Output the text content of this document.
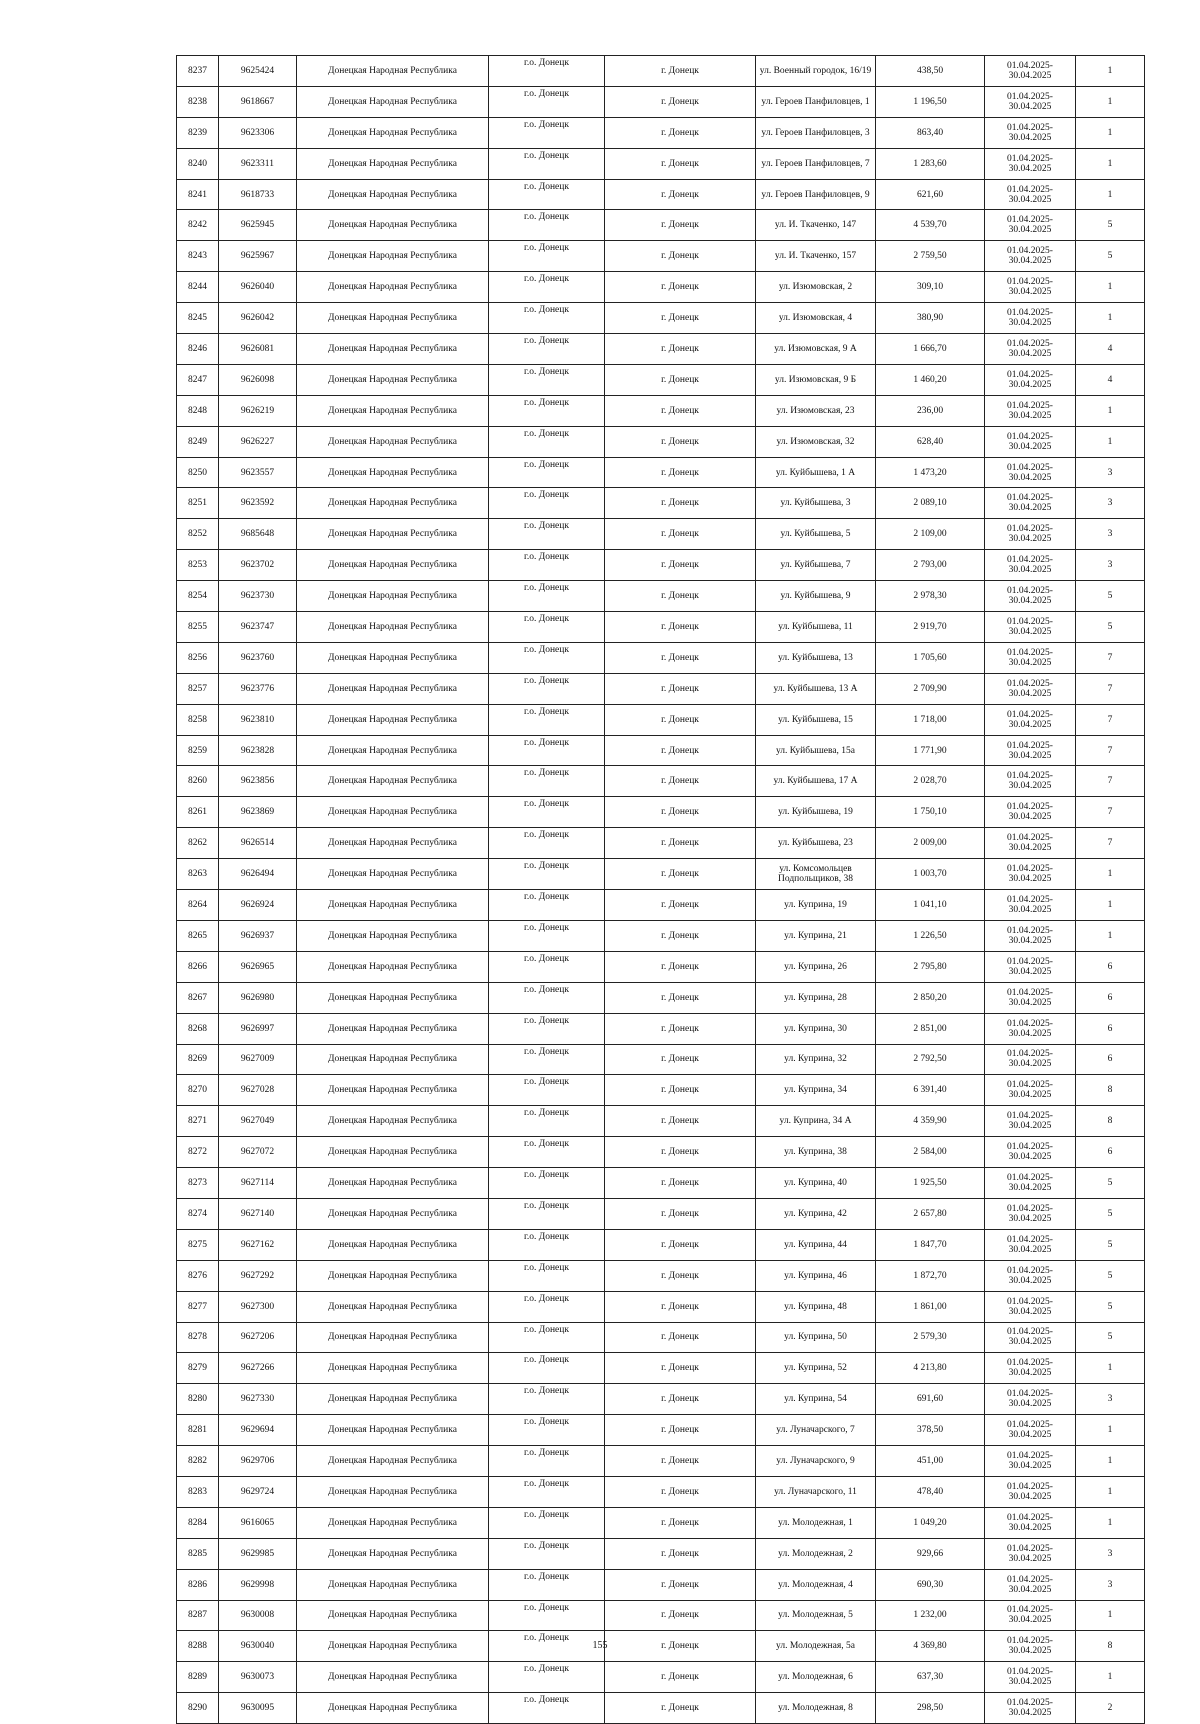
8237	9625424	Донецкая Народная Республика	г.о. Донецк	г. Донецк	ул. Военный городок, 16/19	438,50	01.04.2025-30.04.2025	1
8238	9618667	Донецкая Народная Республика	г.о. Донецк	г. Донецк	ул. Героев Панфиловцев, 1	1 196,50	01.04.2025-30.04.2025	1
8239	9623306	Донецкая Народная Республика	г.о. Донецк	г. Донецк	ул. Героев Панфиловцев, 3	863,40	01.04.2025-30.04.2025	1
8240	9623311	Донецкая Народная Республика	г.о. Донецк	г. Донецк	ул. Героев Панфиловцев, 7	1 283,60	01.04.2025-30.04.2025	1
8241	9618733	Донецкая Народная Республика	г.о. Донецк	г. Донецк	ул. Героев Панфиловцев, 9	621,60	01.04.2025-30.04.2025	1
8242	9625945	Донецкая Народная Республика	г.о. Донецк	г. Донецк	ул. И. Ткаченко, 147	4 539,70	01.04.2025-30.04.2025	5
8243	9625967	Донецкая Народная Республика	г.о. Донецк	г. Донецк	ул. И. Ткаченко, 157	2 759,50	01.04.2025-30.04.2025	5
8244	9626040	Донецкая Народная Республика	г.о. Донецк	г. Донецк	ул. Изюмовская, 2	309,10	01.04.2025-30.04.2025	1
8245	9626042	Донецкая Народная Республика	г.о. Донецк	г. Донецк	ул. Изюмовская, 4	380,90	01.04.2025-30.04.2025	1
8246	9626081	Донецкая Народная Республика	г.о. Донецк	г. Донецк	ул. Изюмовская, 9 А	1 666,70	01.04.2025-30.04.2025	4
8247	9626098	Донецкая Народная Республика	г.о. Донецк	г. Донецк	ул. Изюмовская, 9 Б	1 460,20	01.04.2025-30.04.2025	4
8248	9626219	Донецкая Народная Республика	г.о. Донецк	г. Донецк	ул. Изюмовская, 23	236,00	01.04.2025-30.04.2025	1
8249	9626227	Донецкая Народная Республика	г.о. Донецк	г. Донецк	ул. Изюмовская, 32	628,40	01.04.2025-30.04.2025	1
8250	9623557	Донецкая Народная Республика	г.о. Донецк	г. Донецк	ул. Куйбышева, 1 А	1 473,20	01.04.2025-30.04.2025	3
8251	9623592	Донецкая Народная Республика	г.о. Донецк	г. Донецк	ул. Куйбышева, 3	2 089,10	01.04.2025-30.04.2025	3
8252	9685648	Донецкая Народная Республика	г.о. Донецк	г. Донецк	ул. Куйбышева, 5	2 109,00	01.04.2025-30.04.2025	3
8253	9623702	Донецкая Народная Республика	г.о. Донецк	г. Донецк	ул. Куйбышева, 7	2 793,00	01.04.2025-30.04.2025	3
8254	9623730	Донецкая Народная Республика	г.о. Донецк	г. Донецк	ул. Куйбышева, 9	2 978,30	01.04.2025-30.04.2025	5
8255	9623747	Донецкая Народная Республика	г.о. Донецк	г. Донецк	ул. Куйбышева, 11	2 919,70	01.04.2025-30.04.2025	5
8256	9623760	Донецкая Народная Республика	г.о. Донецк	г. Донецк	ул. Куйбышева, 13	1 705,60	01.04.2025-30.04.2025	7
8257	9623776	Донецкая Народная Республика	г.о. Донецк	г. Донецк	ул. Куйбышева, 13 А	2 709,90	01.04.2025-30.04.2025	7
8258	9623810	Донецкая Народная Республика	г.о. Донецк	г. Донецк	ул. Куйбышева, 15	1 718,00	01.04.2025-30.04.2025	7
8259	9623828	Донецкая Народная Республика	г.о. Донецк	г. Донецк	ул. Куйбышева, 15а	1 771,90	01.04.2025-30.04.2025	7
8260	9623856	Донецкая Народная Республика	г.о. Донецк	г. Донецк	ул. Куйбышева, 17 А	2 028,70	01.04.2025-30.04.2025	7
8261	9623869	Донецкая Народная Республика	г.о. Донецк	г. Донецк	ул. Куйбышева, 19	1 750,10	01.04.2025-30.04.2025	7
8262	9626514	Донецкая Народная Республика	г.о. Донецк	г. Донецк	ул. Куйбышева, 23	2 009,00	01.04.2025-30.04.2025	7
8263	9626494	Донецкая Народная Республика	г.о. Донецк	г. Донецк	ул. Комсомольцев Подпольщиков, 38	1 003,70	01.04.2025-30.04.2025	1
8264	9626924	Донецкая Народная Республика	г.о. Донецк	г. Донецк	ул. Куприна, 19	1 041,10	01.04.2025-30.04.2025	1
8265	9626937	Донецкая Народная Республика	г.о. Донецк	г. Донецк	ул. Куприна, 21	1 226,50	01.04.2025-30.04.2025	1
8266	9626965	Донецкая Народная Республика	г.о. Донецк	г. Донецк	ул. Куприна, 26	2 795,80	01.04.2025-30.04.2025	6
8267	9626980	Донецкая Народная Республика	г.о. Донецк	г. Донецк	ул. Куприна, 28	2 850,20	01.04.2025-30.04.2025	6
8268	9626997	Донецкая Народная Республика	г.о. Донецк	г. Донецк	ул. Куприна, 30	2 851,00	01.04.2025-30.04.2025	6
8269	9627009	Донецкая Народная Республика	г.о. Донецк	г. Донецк	ул. Куприна, 32	2 792,50	01.04.2025-30.04.2025	6
8270	9627028	Донецкая Народная Республика	г.о. Донецк	г. Донецк	ул. Куприна, 34	6 391,40	01.04.2025-30.04.2025	8
8271	9627049	Донецкая Народная Республика	г.о. Донецк	г. Донецк	ул. Куприна, 34 А	4 359,90	01.04.2025-30.04.2025	8
8272	9627072	Донецкая Народная Республика	г.о. Донецк	г. Донецк	ул. Куприна, 38	2 584,00	01.04.2025-30.04.2025	6
8273	9627114	Донецкая Народная Республика	г.о. Донецк	г. Донецк	ул. Куприна, 40	1 925,50	01.04.2025-30.04.2025	5
8274	9627140	Донецкая Народная Республика	г.о. Донецк	г. Донецк	ул. Куприна, 42	2 657,80	01.04.2025-30.04.2025	5
8275	9627162	Донецкая Народная Республика	г.о. Донецк	г. Донецк	ул. Куприна, 44	1 847,70	01.04.2025-30.04.2025	5
8276	9627292	Донецкая Народная Республика	г.о. Донецк	г. Донецк	ул. Куприна, 46	1 872,70	01.04.2025-30.04.2025	5
8277	9627300	Донецкая Народная Республика	г.о. Донецк	г. Донецк	ул. Куприна, 48	1 861,00	01.04.2025-30.04.2025	5
8278	9627206	Донецкая Народная Республика	г.о. Донецк	г. Донецк	ул. Куприна, 50	2 579,30	01.04.2025-30.04.2025	5
8279	9627266	Донецкая Народная Республика	г.о. Донецк	г. Донецк	ул. Куприна, 52	4 213,80	01.04.2025-30.04.2025	1
8280	9627330	Донецкая Народная Республика	г.о. Донецк	г. Донецк	ул. Куприна, 54	691,60	01.04.2025-30.04.2025	3
8281	9629694	Донецкая Народная Республика	г.о. Донецк	г. Донецк	ул. Луначарского, 7	378,50	01.04.2025-30.04.2025	1
8282	9629706	Донецкая Народная Республика	г.о. Донецк	г. Донецк	ул. Луначарского, 9	451,00	01.04.2025-30.04.2025	1
8283	9629724	Донецкая Народная Республика	г.о. Донецк	г. Донецк	ул. Луначарского, 11	478,40	01.04.2025-30.04.2025	1
8284	9616065	Донецкая Народная Республика	г.о. Донецк	г. Донецк	ул. Молодежная, 1	1 049,20	01.04.2025-30.04.2025	1
8285	9629985	Донецкая Народная Республика	г.о. Донецк	г. Донецк	ул. Молодежная, 2	929,66	01.04.2025-30.04.2025	3
8286	9629998	Донецкая Народная Республика	г.о. Донецк	г. Донецк	ул. Молодежная, 4	690,30	01.04.2025-30.04.2025	3
8287	9630008	Донецкая Народная Республика	г.о. Донецк	г. Донецк	ул. Молодежная, 5	1 232,00	01.04.2025-30.04.2025	1
8288	9630040	Донецкая Народная Республика	г.о. Донецк	г. Донецк	ул. Молодежная, 5а	4 369,80	01.04.2025-30.04.2025	8
8289	9630073	Донецкая Народная Республика	г.о. Донецк	г. Донецк	ул. Молодежная, 6	637,30	01.04.2025-30.04.2025	1
8290	9630095	Донецкая Народная Республика	г.о. Донецк	г. Донецк	ул. Молодежная, 8	298,50	01.04.2025-30.04.2025	2
155
